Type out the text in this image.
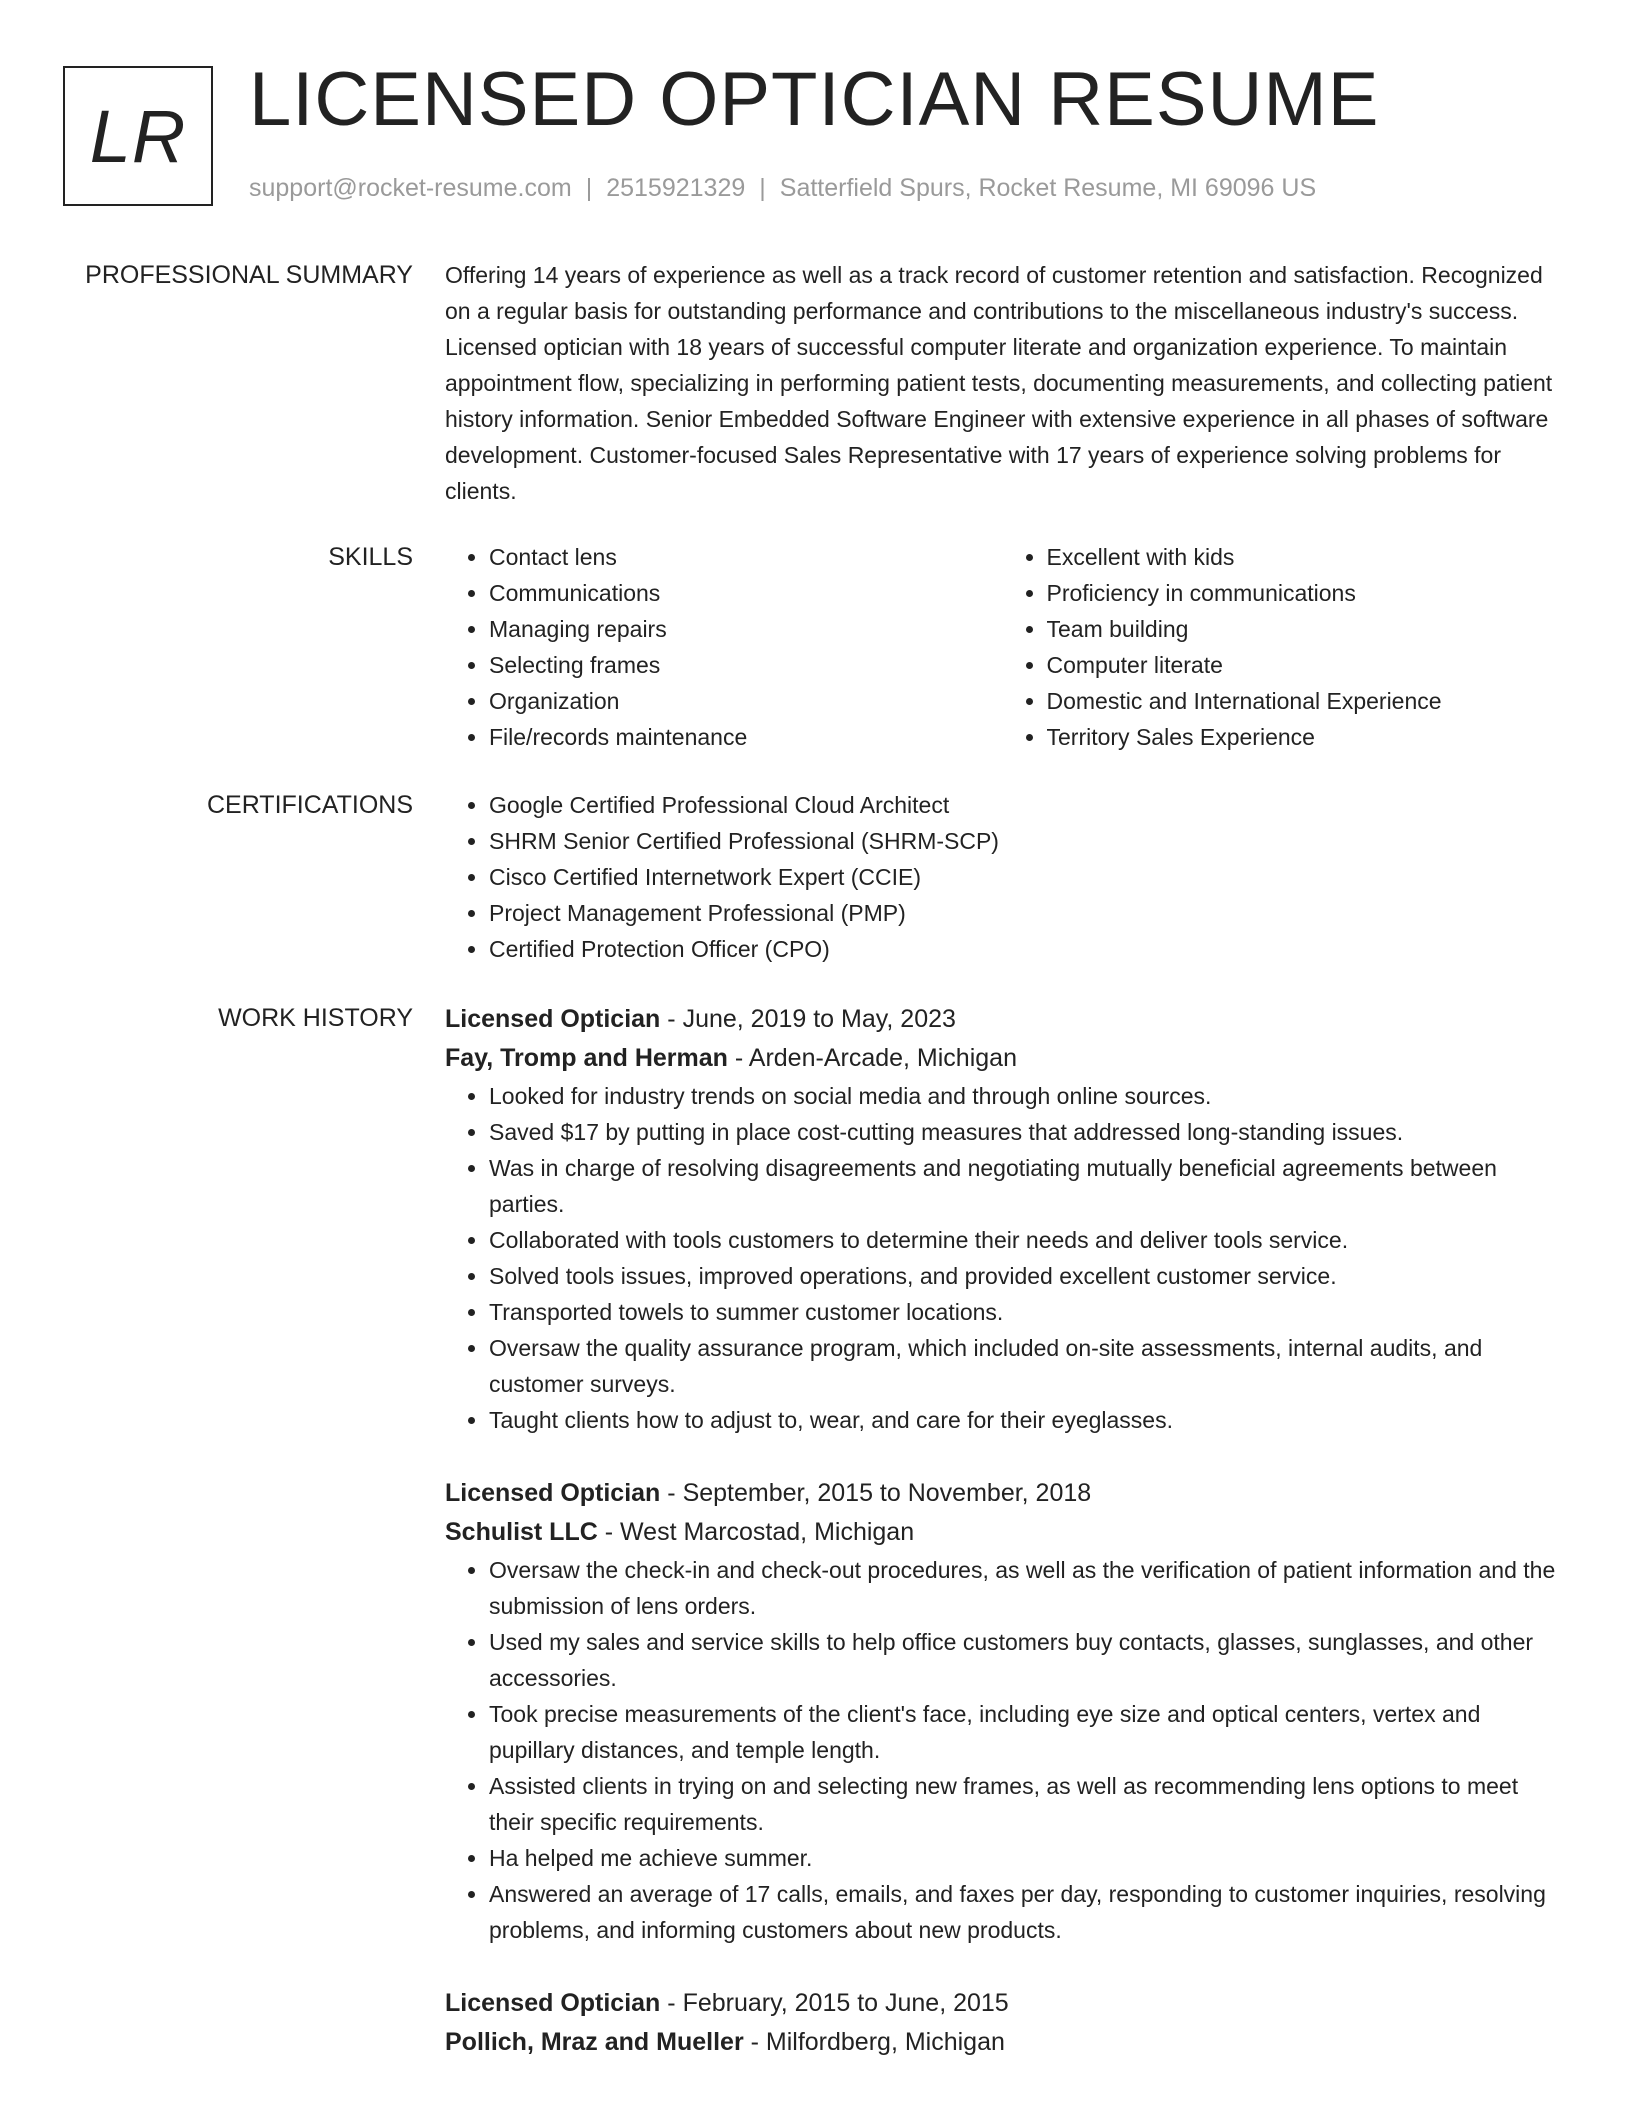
LR LICENSED OPTICIAN RESUME
support@rocket-resume.com | 2515921329 | Satterfield Spurs, Rocket Resume, MI 69096 US
PROFESSIONAL SUMMARY Offering 14 years of experience as well as a track record of customer retention and satisfaction. Recognized on a regular basis for outstanding performance and contributions to the miscellaneous industry's success. Licensed optician with 18 years of successful computer literate and organization experience. To maintain appointment flow, specializing in performing patient tests, documenting measurements, and collecting patient history information. Senior Embedded Software Engineer with extensive experience in all phases of software development. Customer-focused Sales Representative with 17 years of experience solving problems for clients.
SKILLS	• Contact lens
• Communications
• Managing repairs
• Selecting frames
• Organization
• File/records maintenance
• Excellent with kids
• Proficiency in communications
• Team building
• Computer literate
• Domestic and International Experience
• Territory Sales Experience
CERTIFICATIONS	• Google Certified Professional Cloud Architect
• SHRM Senior Certified Professional (SHRM-SCP)
• Cisco Certified Internetwork Expert (CCIE)
• Project Management Professional (PMP)
• Certified Protection Officer (CPO)
WORK HISTORY Licensed Optician - June, 2019 to May, 2023
Fay, Tromp and Herman - Arden-Arcade, Michigan
• Looked for industry trends on social media and through online sources.
• Saved $17 by putting in place cost-cutting measures that addressed long-standing issues.
• Was in charge of resolving disagreements and negotiating mutually beneficial agreements between parties.
• Collaborated with tools customers to determine their needs and deliver tools service.
• Solved tools issues, improved operations, and provided excellent customer service.
• Transported towels to summer customer locations.
• Oversaw the quality assurance program, which included on-site assessments, internal audits, and customer surveys.
• Taught clients how to adjust to, wear, and care for their eyeglasses.
Licensed Optician - September, 2015 to November, 2018
Schulist LLC - West Marcostad, Michigan
• Oversaw the check-in and check-out procedures, as well as the verification of patient information and the submission of lens orders.
• Used my sales and service skills to help office customers buy contacts, glasses, sunglasses, and other accessories.
• Took precise measurements of the client's face, including eye size and optical centers, vertex and pupillary distances, and temple length.
• Assisted clients in trying on and selecting new frames, as well as recommending lens options to meet their specific requirements.
• Ha helped me achieve summer.
• Answered an average of 17 calls, emails, and faxes per day, responding to customer inquiries, resolving problems, and informing customers about new products.
Licensed Optician - February, 2015 to June, 2015
Pollich, Mraz and Mueller - Milfordberg, Michigan
